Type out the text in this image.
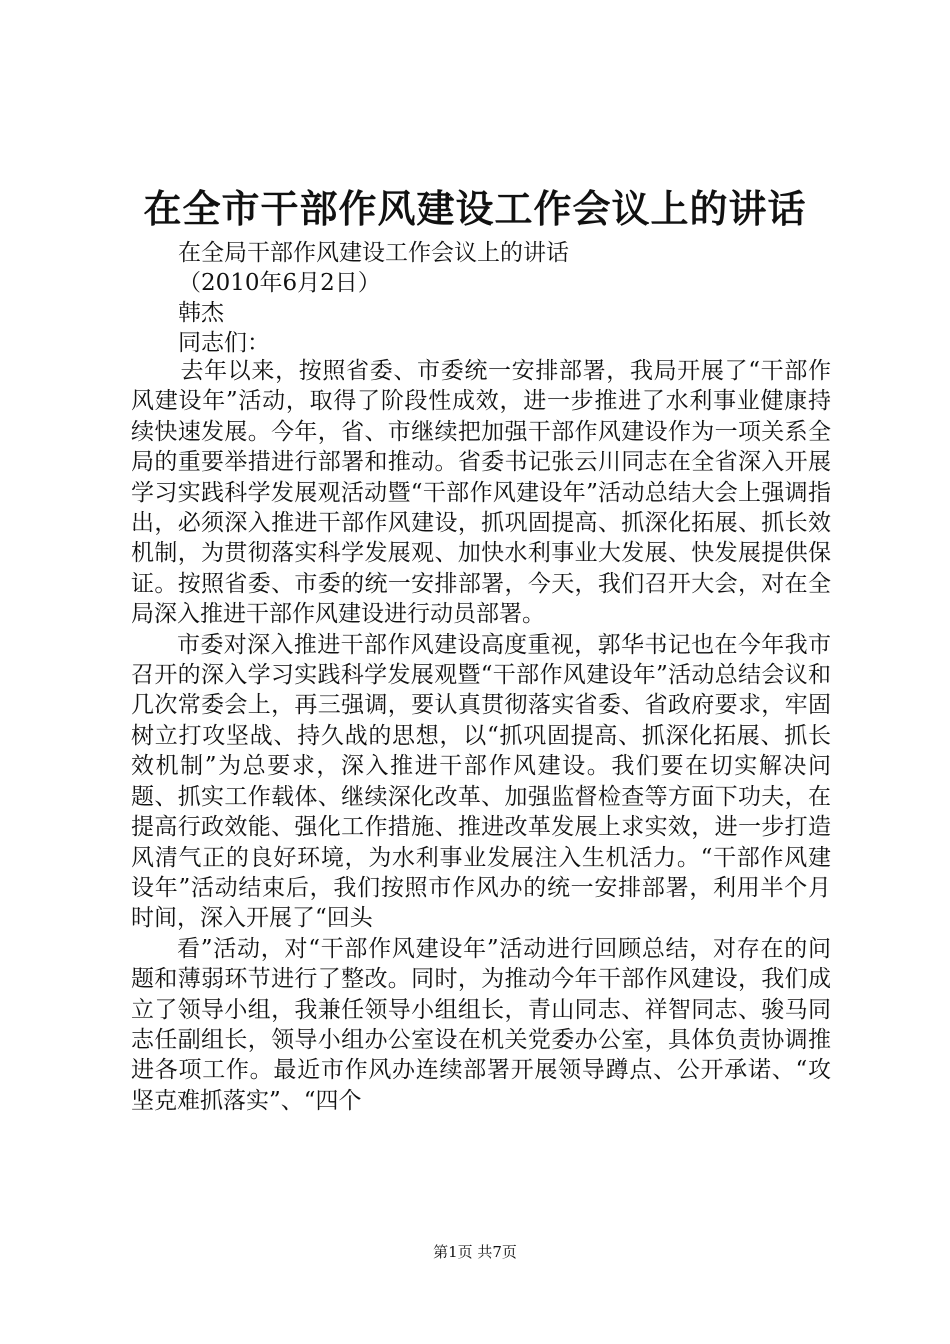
在全市干部作风建设工作会议上的讲话
在全局干部作风建设工作会议上的讲话
（2010年6月2日）
韩杰
同志们：

去年以来，按照省委、市委统一安排部署，我局开展了“干部作风建设年”活动，取得了阶段性成效，进一步推进了水利事业健康持续快速发展。今年，省、市继续把加强干部作风建设作为一项关系全局的重要举措进行部署和推动。省委书记张云川同志在全省深入开展学习实践科学发展观活动暨“干部作风建设年”活动总结大会上强调指出，必须深入推进干部作风建设，抓巩固提高、抓深化拓展、抓长效机制，为贯彻落实科学发展观、加快水利事业大发展、快发展提供保证。按照省委、市委的统一安排部署，今天，我们召开大会，对在全局深入推进干部作风建设进行动员部署。

市委对深入推进干部作风建设高度重视，郭华书记也在今年我市召开的深入学习实践科学发展观暨“干部作风建设年”活动总结会议和几次常委会上，再三强调，要认真贯彻落实省委、省政府要求，牢固树立打攻坚战、持久战的思想，以“抓巩固提高、抓深化拓展、抓长效机制”为总要求，深入推进干部作风建设。我们要在切实解决问题、抓实工作载体、继续深化改革、加强监督检查等方面下功夫，在提高行政效能、强化工作措施、推进改革发展上求实效，进一步打造风清气正的良好环境，为水利事业发展注入生机活力。“干部作风建设年”活动结束后，我们按照市作风办的统一安排部署，利用半个月时间，深入开展了“回头

看”活动，对“干部作风建设年”活动进行回顾总结，对存在的问题和薄弱环节进行了整改。同时，为推动今年干部作风建设，我们成立了领导小组，我兼任领导小组组长，青山同志、祥智同志、骏马同志任副组长，领导小组办公室设在机关党委办公室，具体负责协调推进各项工作。最近市作风办连续部署开展领导蹲点、公开承诺、“攻坚克难抓落实”、“四个

第1页 共7页
